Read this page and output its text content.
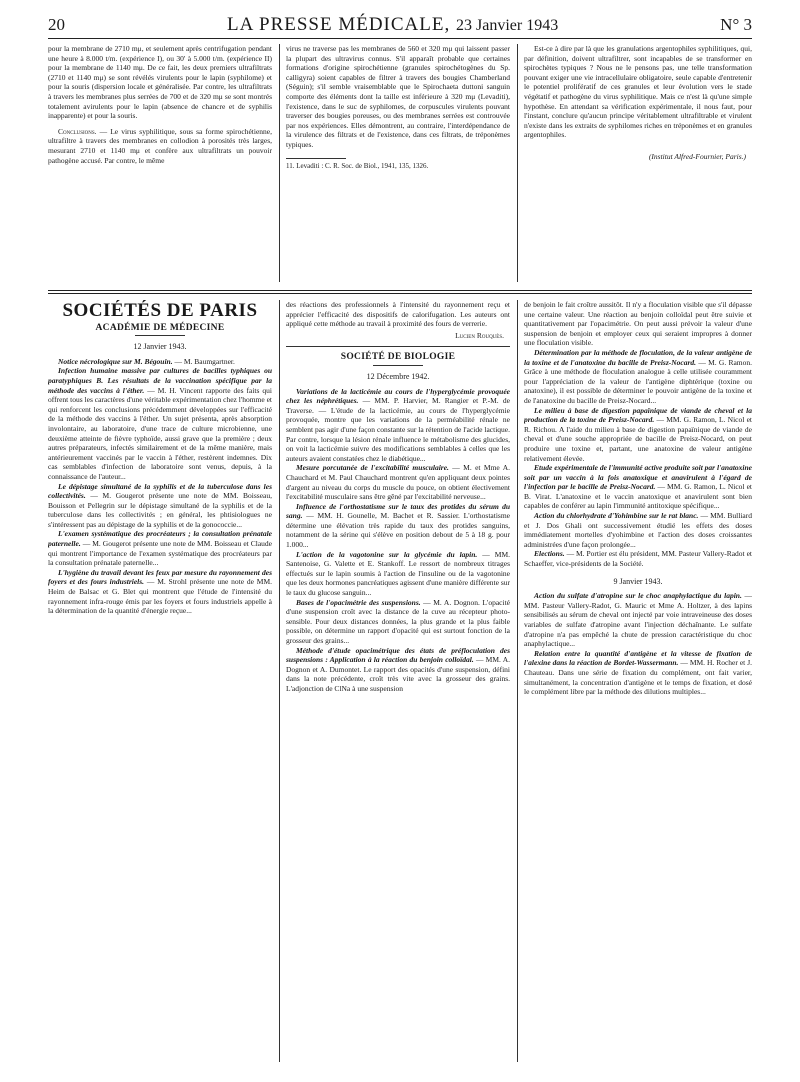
20	LA PRESSE MÉDICALE, 23 Janvier 1943	N° 3

pour la membrane de 2710 mμ, et seulement après centrifugation pendant une heure à 8.000 t/m. (expérience I), ou 30' à 5.000 t/m. (expérience II) pour la membrane de 1140 mμ. De ce fait, les deux premiers ultrafiltrats (2710 et 1140 mμ) se sont révélés virulents pour le lapin (syphilome) et pour la souris (dispersion locale et généralisée. Par contre, les ultrafiltrats à travers les membranes plus serrées de 700 et de 320 mμ se sont montrés totalement avirulents pour le lapin (absence de chancre et de syphilis inapparente) et pour la souris.

Conclusions. — Le virus syphilitique, sous sa forme spirochétienne, ultrafiltre à travers des membranes en collodion à porosités très larges, mesurant 2710 et 1140 mμ et confère aux ultrafiltrats un pouvoir pathogène accusé. Par contre, le même

virus ne traverse pas les membranes de 560 et 320 mμ qui laissent passer la plupart des ultravirus connus. S'il apparaît probable que certaines formations d'origine spirochétienne (granules spirochétogènes du Sp. calligyra) soient capables de filtrer à travers des bougies Chamberland (Séguin); s'il semble vraisemblable que le Spirochaeta duttoni sanguin comporte des éléments dont la taille est inférieure à 320 mμ (Levaditi), l'existence, dans le suc de syphilomes, de corpuscules virulents pouvant traverser des bougies poreuses, ou des membranes serrées est controuvée par nos expériences. Elles démontrent, au contraire, l'interdépendance de la virulence des filtrats et de l'existence, dans ces filtrats, de tréponèmes typiques.

11. Levaditi : C. R. Soc. de Biol., 1941, 135, 1326.

Est-ce à dire par là que les granulations argentophiles syphilitiques, qui, par définition, doivent ultrafiltrer, sont incapables de se transformer en spirochètes typiques ? Nous ne le pensons pas, une telle transformation pouvant exiger une vie intracellulaire obligatoire, seule capable d'entretenir le potentiel prolifératif de ces granules et leur évolution vers le stade végétatif et pathogène du virus syphilitique. Mais ce n'est là qu'une simple hypothèse. En attendant sa vérification expérimentale, il nous faut, pour l'instant, conclure qu'aucun principe véritablement ultrafiltrable et virulent n'existe dans les extraits de syphilomes riches en tréponèmes et en granules argentophiles.

(Institut Alfred-Fournier, Paris.)

SOCIÉTÉS DE PARIS
ACADÉMIE DE MÉDECINE
12 Janvier 1943.

Notice nécrologique sur M. Bégouin. — M. Baumgartner.

Infection humaine massive par cultures de bacilles typhiques ou paratyphiques B. Les résultats de la vaccination spécifique par la méthode des vaccins à l'éther. — M. H. Vincent rapporte des faits qui offrent tous les caractères d'une véritable expérimentation chez l'homme et qui renforcent les conclusions précédemment développées sur l'efficacité de la méthode des vaccins à l'éther. Un sujet présenta, après absorption involontaire, au laboratoire, d'une trace de culture microbienne, une deuxième atteinte de fièvre typhoïde, aussi grave que la première ; deux autres préparateurs, infectés similairement et de la même manière, mais antérieurement vaccinés par le vaccin à l'éther, restèrent indemnes. Dix cas semblables d'infection de laboratoire sont venus, depuis, à la connaissance de l'auteur...

Le dépistage simultané de la syphilis et de la tuberculose dans les collectivités. — M. Gougerot présente une note de MM. Boisseau, Bouisson et Pellegrin sur le dépistage simultané de la syphilis et de la tuberculose dans les collectivités ; en général, les phtisiologues ne s'intéressent pas au dépistage de la syphilis et de la gonococcie...

L'examen systématique des procréateurs ; la consultation prénatale paternelle. — M. Gougerot présente une note de MM. Boisseau et Claude qui montrent l'importance de l'examen systématique des procréateurs par la consultation prénatale paternelle...

L'hygiène du travail devant les feux par mesure du rayonnement des foyers et des fours industriels. — M. Strohl présente une note de MM. Heim de Balsac et G. Blet qui montrent que l'étude de l'intensité du rayonnement infra-rouge émis par les foyers et fours industriels appelle à la détermination de la quantité d'énergie reçue...

des réactions des professionnels à l'intensité du rayonnement reçu et apprécier l'efficacité des dispositifs de calorifugation. Les auteurs ont appliqué cette méthode au travail à proximité des fours de verrerie.

Lucien Rouquès.

SOCIÉTÉ DE BIOLOGIE
12 Décembre 1942.

Variations de la lacticémie au cours de l'hyperglycémie provoquée chez les néphrétiques. — MM. P. Harvier, M. Rangier et P.-M. de Traverse. — L'étude de la lacticémie, au cours de l'hyperglycémie provoquée, montre que les variations de la perméabilité rénale ne semblent pas agir d'une façon constante sur la rétention de l'acide lactique. Par contre, lorsque la lésion rénale influence le métabolisme des glucides, on voit la lacticémie suivre des modifications semblables à celles que les auteurs avaient constatées chez le diabétique...

Mesure porcutanée de l'excitabilité musculaire. — M. et Mme A. Chauchard et M. Paul Chauchard montrent qu'en appliquant deux pointes d'argent au niveau du corps du muscle du pouce, on obtient électivement l'excitabilité musculaire sans être gêné par l'excitabilité nerveuse...

Influence de l'orthostatisme sur le taux des protides du sérum du sang. — MM. H. Gounelle, M. Bachet et R. Sassier. L'orthostatisme détermine une élévation très rapide du taux des protides sanguins, notamment de la sérine qui s'élève en position debout de 5 à 18 g. pour 1.000...

L'action de la vagotonine sur la glycémie du lapin. — MM. Santenoise, G. Valette et E. Stankoff. Le ressort de nombreux titrages effectués sur le lapin soumis à l'action de l'insuline ou de la vagotonine que les deux hormones pancréatiques agissent d'une manière différente sur le taux du glucose sanguin...

Bases de l'opacimétrie des suspensions. — M. A. Dognon. L'opacité d'une suspension croît avec la distance de la cuve au récepteur photo-sensible. Pour deux distances données, la plus grande et la plus faible possible, on détermine un rapport d'opacité qui est surtout fonction de la grosseur des grains...

Méthode d'étude opacimétrique des états de préfloculation des suspensions : Application à la réaction du benjoin colloïdal. — MM. A. Dognon et A. Dumontet. Le rapport des opacités d'une suspension, défini dans la note précédente, croît très vite avec la grosseur des grains. L'adjonction de ClNa à une suspension

de benjoin le fait croître aussitôt. Il n'y a floculation visible que s'il dépasse une certaine valeur. Une réaction au benjoin colloïdal peut être suivie et quantitativement par l'opacimétrie. On peut aussi prévoir la valeur d'une suspension de benjoin et employer ceux qui seraient impropres à donner une floculation visible.

Détermination par la méthode de floculation, de la valeur antigène de la toxine et de l'anatoxine du bacille de Preisz-Nocard. — M. G. Ramon. Grâce à une méthode de floculation analogue à celle utilisée couramment pour l'appréciation de la valeur de l'antigène diphtérique (toxine ou anatoxine), il est possible de déterminer le pouvoir antigène de la toxine et de l'anatoxine du bacille de Preisz-Nocard...

Le milieu à base de digestion papaïnique de viande de cheval et la production de la toxine de Preisz-Nocard. — MM. G. Ramon, L. Nicol et R. Richou. A l'aide du milieu à base de digestion papaïnique de viande de cheval et d'une souche appropriée de bacille de Preisz-Nocard, on peut produire une toxine et, partant, une anatoxine de valeur antigène relativement élevée.

Etude expérimentale de l'immunité active produite soit par l'anatoxine soit par un vaccin à la fois anatoxique et anavirulent à l'égard de l'infection par le bacille de Preisz-Nocard. — MM. G. Ramon, L. Nicol et B. Virat. L'anatoxine et le vaccin anatoxique et anavirulent sont bien capables de conférer au lapin l'immunité antitoxique spécifique...

Action du chlorhydrate d'Yohimbine sur le rat blanc. — MM. Bulliard et J. Dos Ghali ont successivement étudié les effets des doses immédiatement mortelles d'yohimbine et l'action des doses croissantes administrées d'une façon prolongée...

Elections. — M. Portier est élu président, MM. Pasteur Vallery-Radot et Schaeffer, vice-présidents de la Société.

9 Janvier 1943.

Action du sulfate d'atropine sur le choc anaphylactique du lapin. — MM. Pasteur Vallery-Radot, G. Mauric et Mme A. Holtzer, à des lapins sensibilisés au sérum de cheval ont injecté par voie intraveineuse des doses variables de sulfate d'atropine avant l'injection déchaînante. Le sulfate d'atropine n'a pas empêché la chute de pression caractéristique du choc anaphylactique...

Relation entre la quantité d'antigène et la vitesse de fixation de l'alexine dans la réaction de Bordet-Wassermann. — MM. H. Rocher et J. Chauteau. Dans une série de fixation du complément, ont fait varier, simultanément, la concentration d'antigène et le temps de fixation, et dosé le complément libre par la méthode des dilutions multiples...
